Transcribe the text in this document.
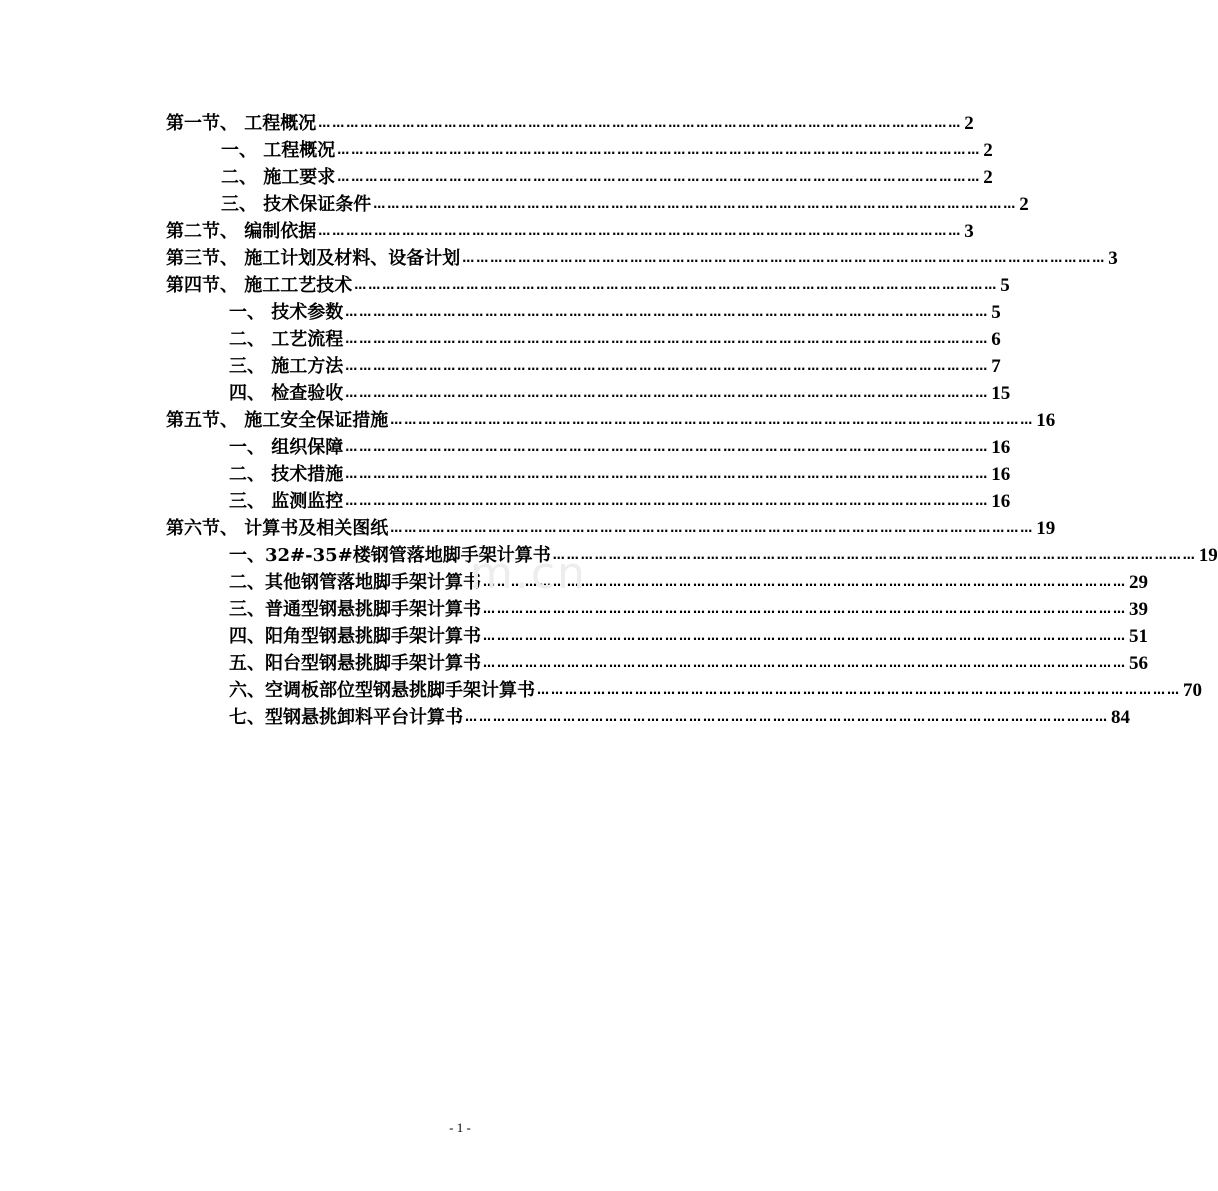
第一节、 工程概况 ………………………………………………………………………………………………………………………… 2
一、 工程概况 ………………………………………………………………………………………………………………………… 2
二、 施工要求 ………………………………………………………………………………………………………………………… 2
三、 技术保证条件 ………………………………………………………………………………………………………………………… 2
第二节、 编制依据 ………………………………………………………………………………………………………………………… 3
第三节、 施工计划及材料、设备计划 ………………………………………………………………………………………………………………………… 3
第四节、 施工工艺技术 ………………………………………………………………………………………………………………………… 5
一、 技术参数 ………………………………………………………………………………………………………………………… 5
二、 工艺流程 ………………………………………………………………………………………………………………………… 6
三、 施工方法 ………………………………………………………………………………………………………………………… 7
四、 检查验收 ………………………………………………………………………………………………………………………… 15
第五节、 施工安全保证措施 ………………………………………………………………………………………………………………………… 16
一、 组织保障 ………………………………………………………………………………………………………………………… 16
二、 技术措施 ………………………………………………………………………………………………………………………… 16
三、 监测监控 ………………………………………………………………………………………………………………………… 16
第六节、 计算书及相关图纸 ………………………………………………………………………………………………………………………… 19
一、32#-35#楼钢管落地脚手架计算书 ………………………………………………………………………………………………………………………… 19
二、其他钢管落地脚手架计算书 ………………………………………………………………………………………………………………………… 29
三、普通型钢悬挑脚手架计算书 ………………………………………………………………………………………………………………………… 39
四、阳角型钢悬挑脚手架计算书 ………………………………………………………………………………………………………………………… 51
五、阳台型钢悬挑脚手架计算书 ………………………………………………………………………………………………………………………… 56
六、空调板部位型钢悬挑脚手架计算书 ………………………………………………………………………………………………………………………… 70
七、型钢悬挑卸料平台计算书 ………………………………………………………………………………………………………………………… 84
m.cn
- 1 -
